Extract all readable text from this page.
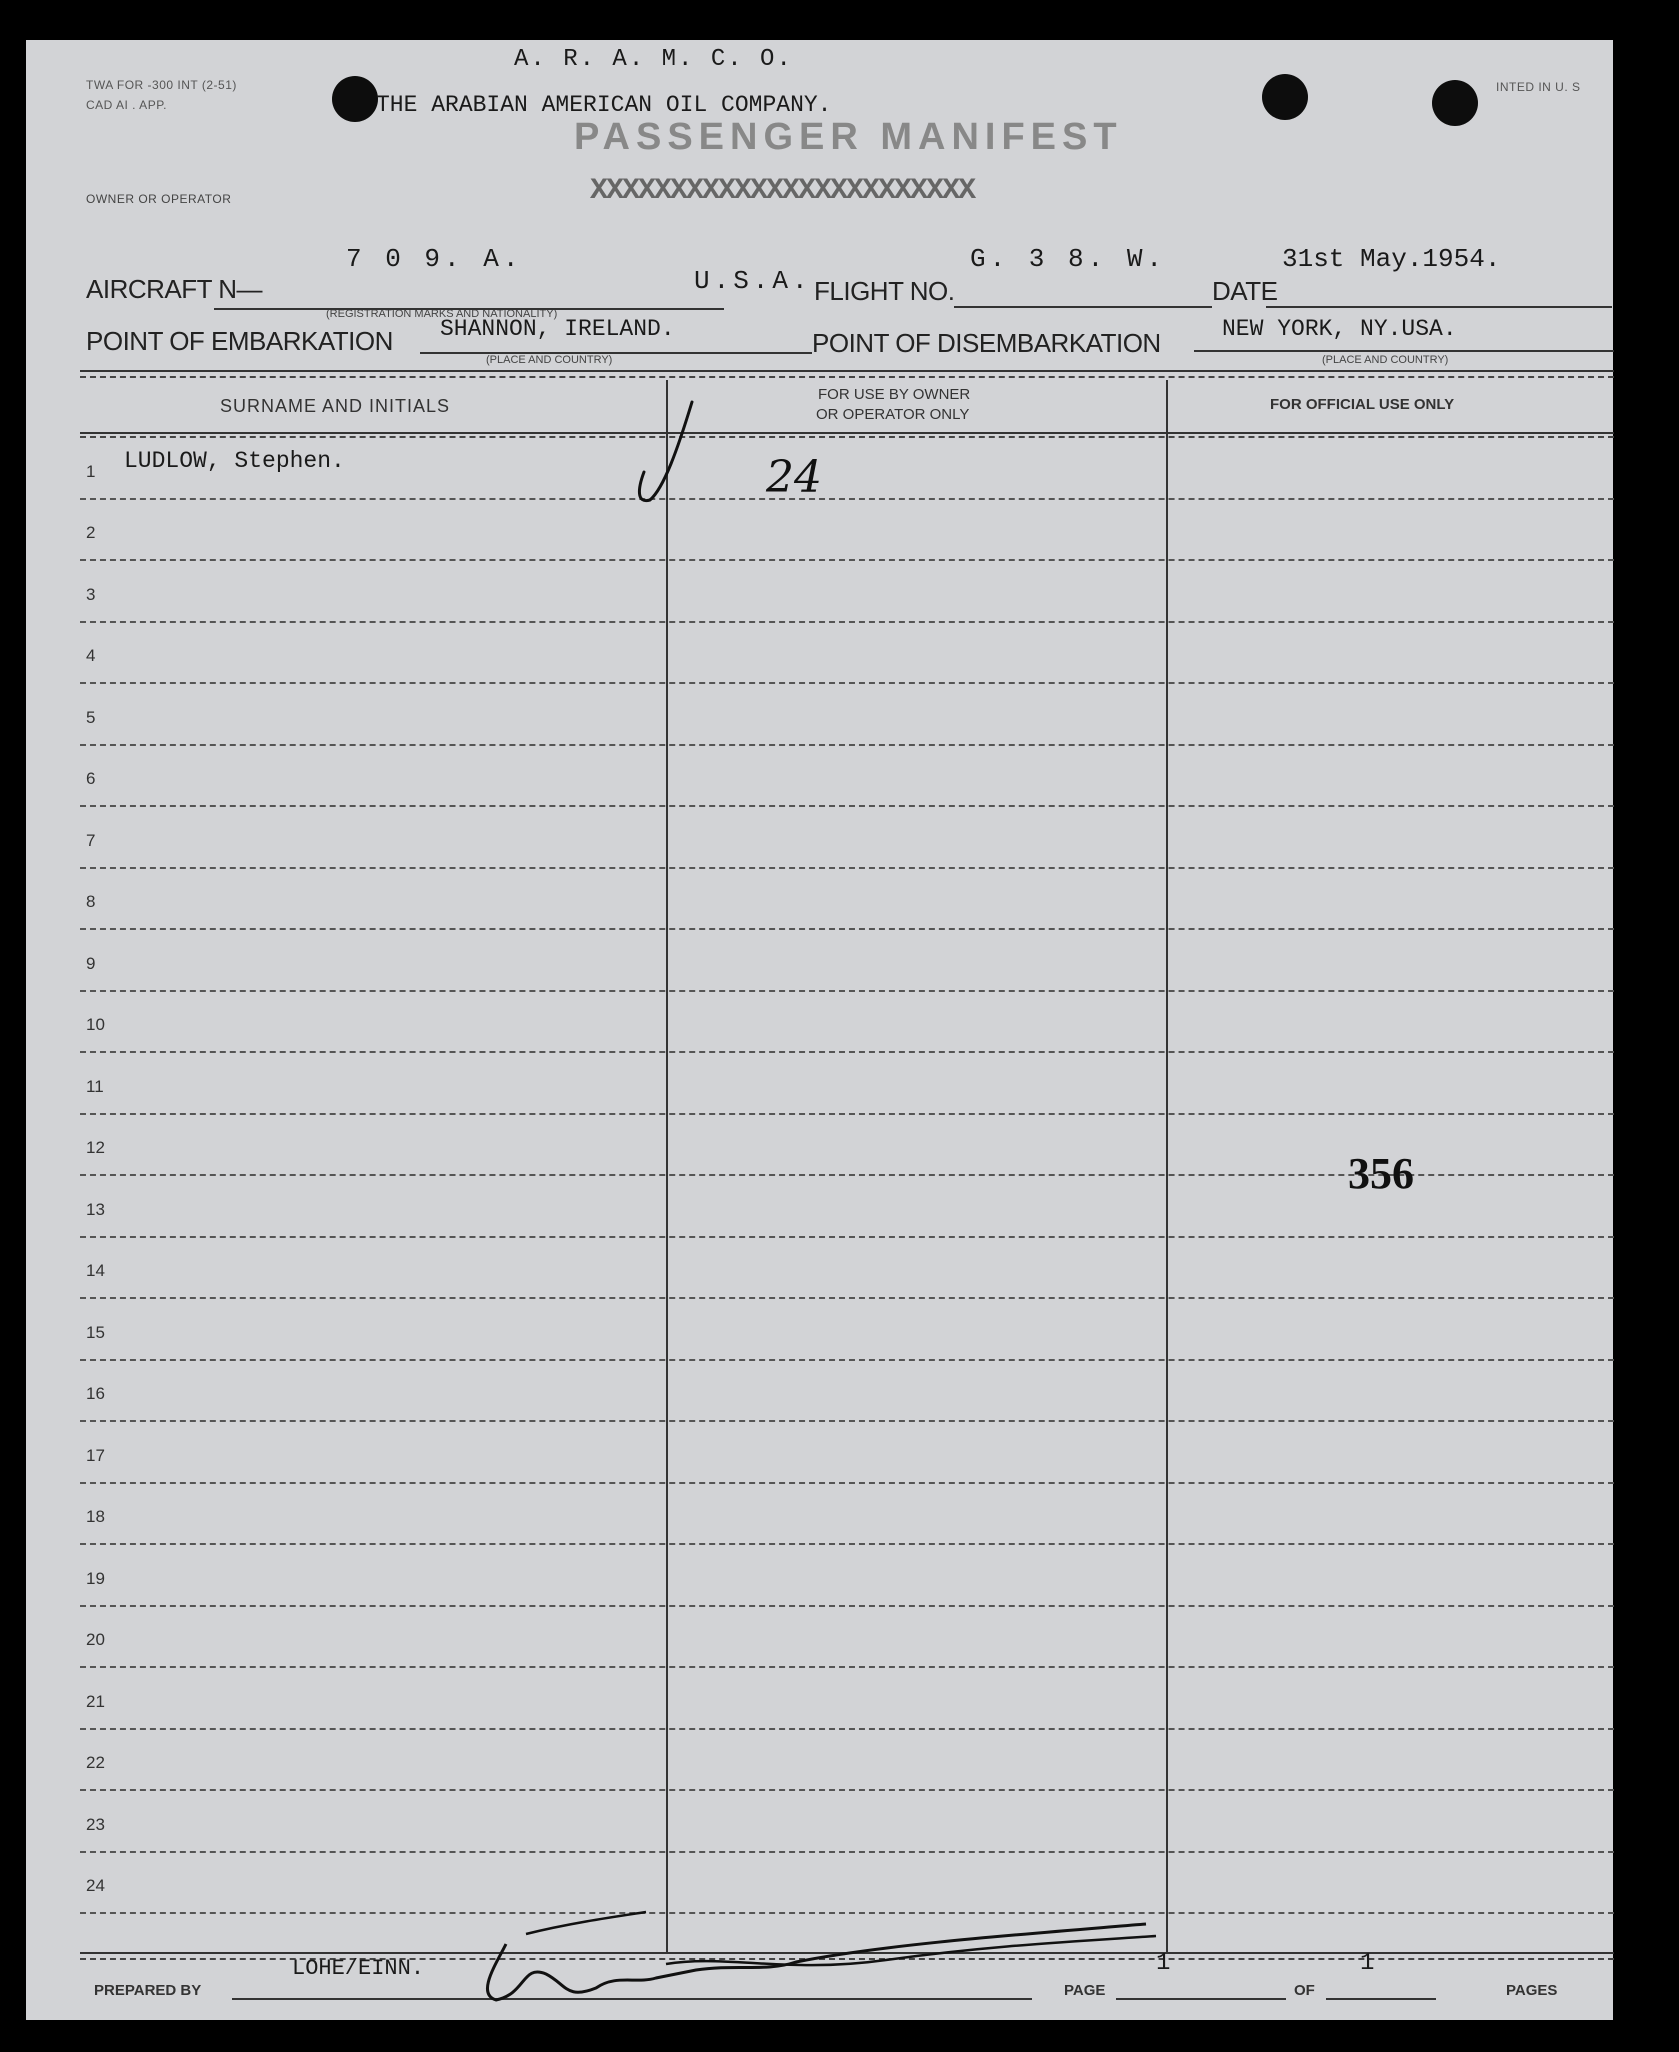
TWA FOR -300 INT (2-51)
CAD AI . APP.
INTED IN U. S
A. R. A. M. C. O.
THE ARABIAN AMERICAN OIL COMPANY.
PASSENGER MANIFEST
XXXXXXXXXXXXXXXXXXXXXXXX
OWNER OR OPERATOR
AIRCRAFT N—
7 0 9. A.
(REGISTRATION MARKS AND NATIONALITY)
U.S.A. FLIGHT NO.
G. 3 8. W.
DATE
31st May.1954.
POINT OF EMBARKATION SHANNON, IRELAND.
(PLACE AND COUNTRY)
POINT OF DISEMBARKATION	NEW YORK, NY.USA.
(PLACE AND COUNTRY)
SURNAME AND INITIALS
FOR USE BY OWNER
OR OPERATOR ONLY
FOR OFFICIAL USE ONLY
1
2
3
4
5
6
7
8
9
10
11
12
13
14
15
16
17
18
19
20
21
22
23
24
LUDLOW, Stephen.	24
356
PREPARED BY
LOHE/EINN.
PAGE
1
OF
1
PAGES
